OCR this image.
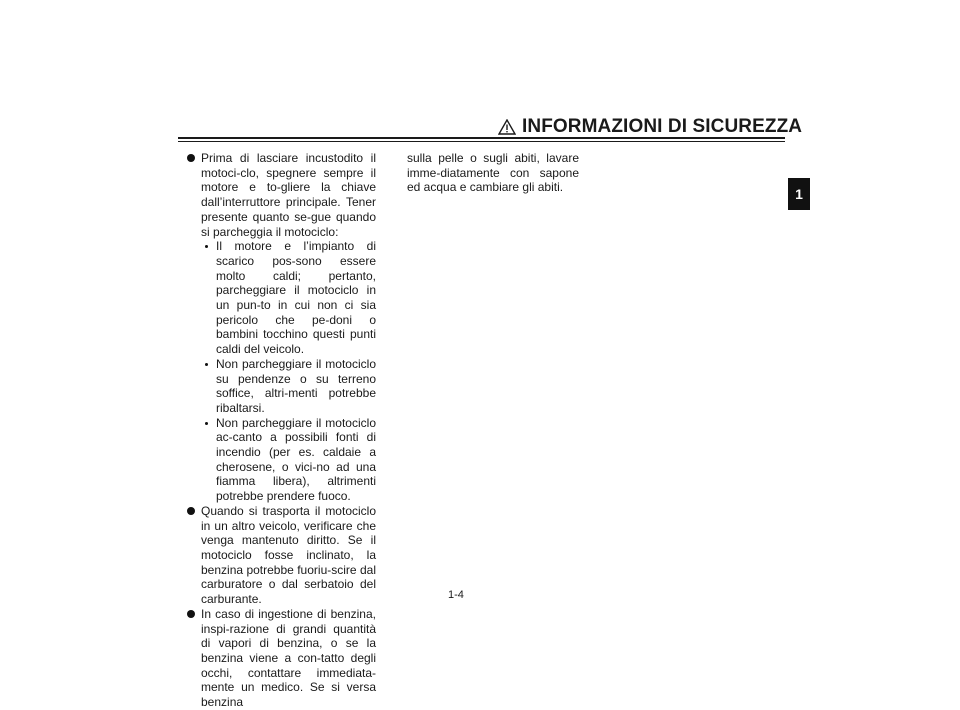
INFORMAZIONI DI SICUREZZA
1

Prima di lasciare incustodito il motoci-clo, spegnere sempre il motore e to-gliere la chiave dall’interruttore principale. Tener presente quanto se-gue quando si parcheggia il motociclo:

Il motore e l’impianto di scarico pos-sono essere molto caldi; pertanto, parcheggiare il motociclo in un pun-to in cui non ci sia pericolo che pe-doni o bambini tocchino questi punti caldi del veicolo.

Non parcheggiare il motociclo su pendenze o su terreno soffice, altri-menti potrebbe ribaltarsi.

Non parcheggiare il motociclo ac-canto a possibili fonti di incendio (per es. caldaie a cherosene, o vici-no ad una fiamma libera), altrimenti potrebbe prendere fuoco.

Quando si trasporta il motociclo in un altro veicolo, verificare che venga mantenuto diritto. Se il motociclo fosse inclinato, la benzina potrebbe fuoriu-scire dal carburatore o dal serbatoio del carburante.

In caso di ingestione di benzina, inspi-razione di grandi quantità di vapori di benzina, o se la benzina viene a con-tatto degli occhi, contattare immediata-mente un medico. Se si versa benzina

sulla pelle o sugli abiti, lavare imme-diatamente con sapone ed acqua e cambiare gli abiti.

1-4
